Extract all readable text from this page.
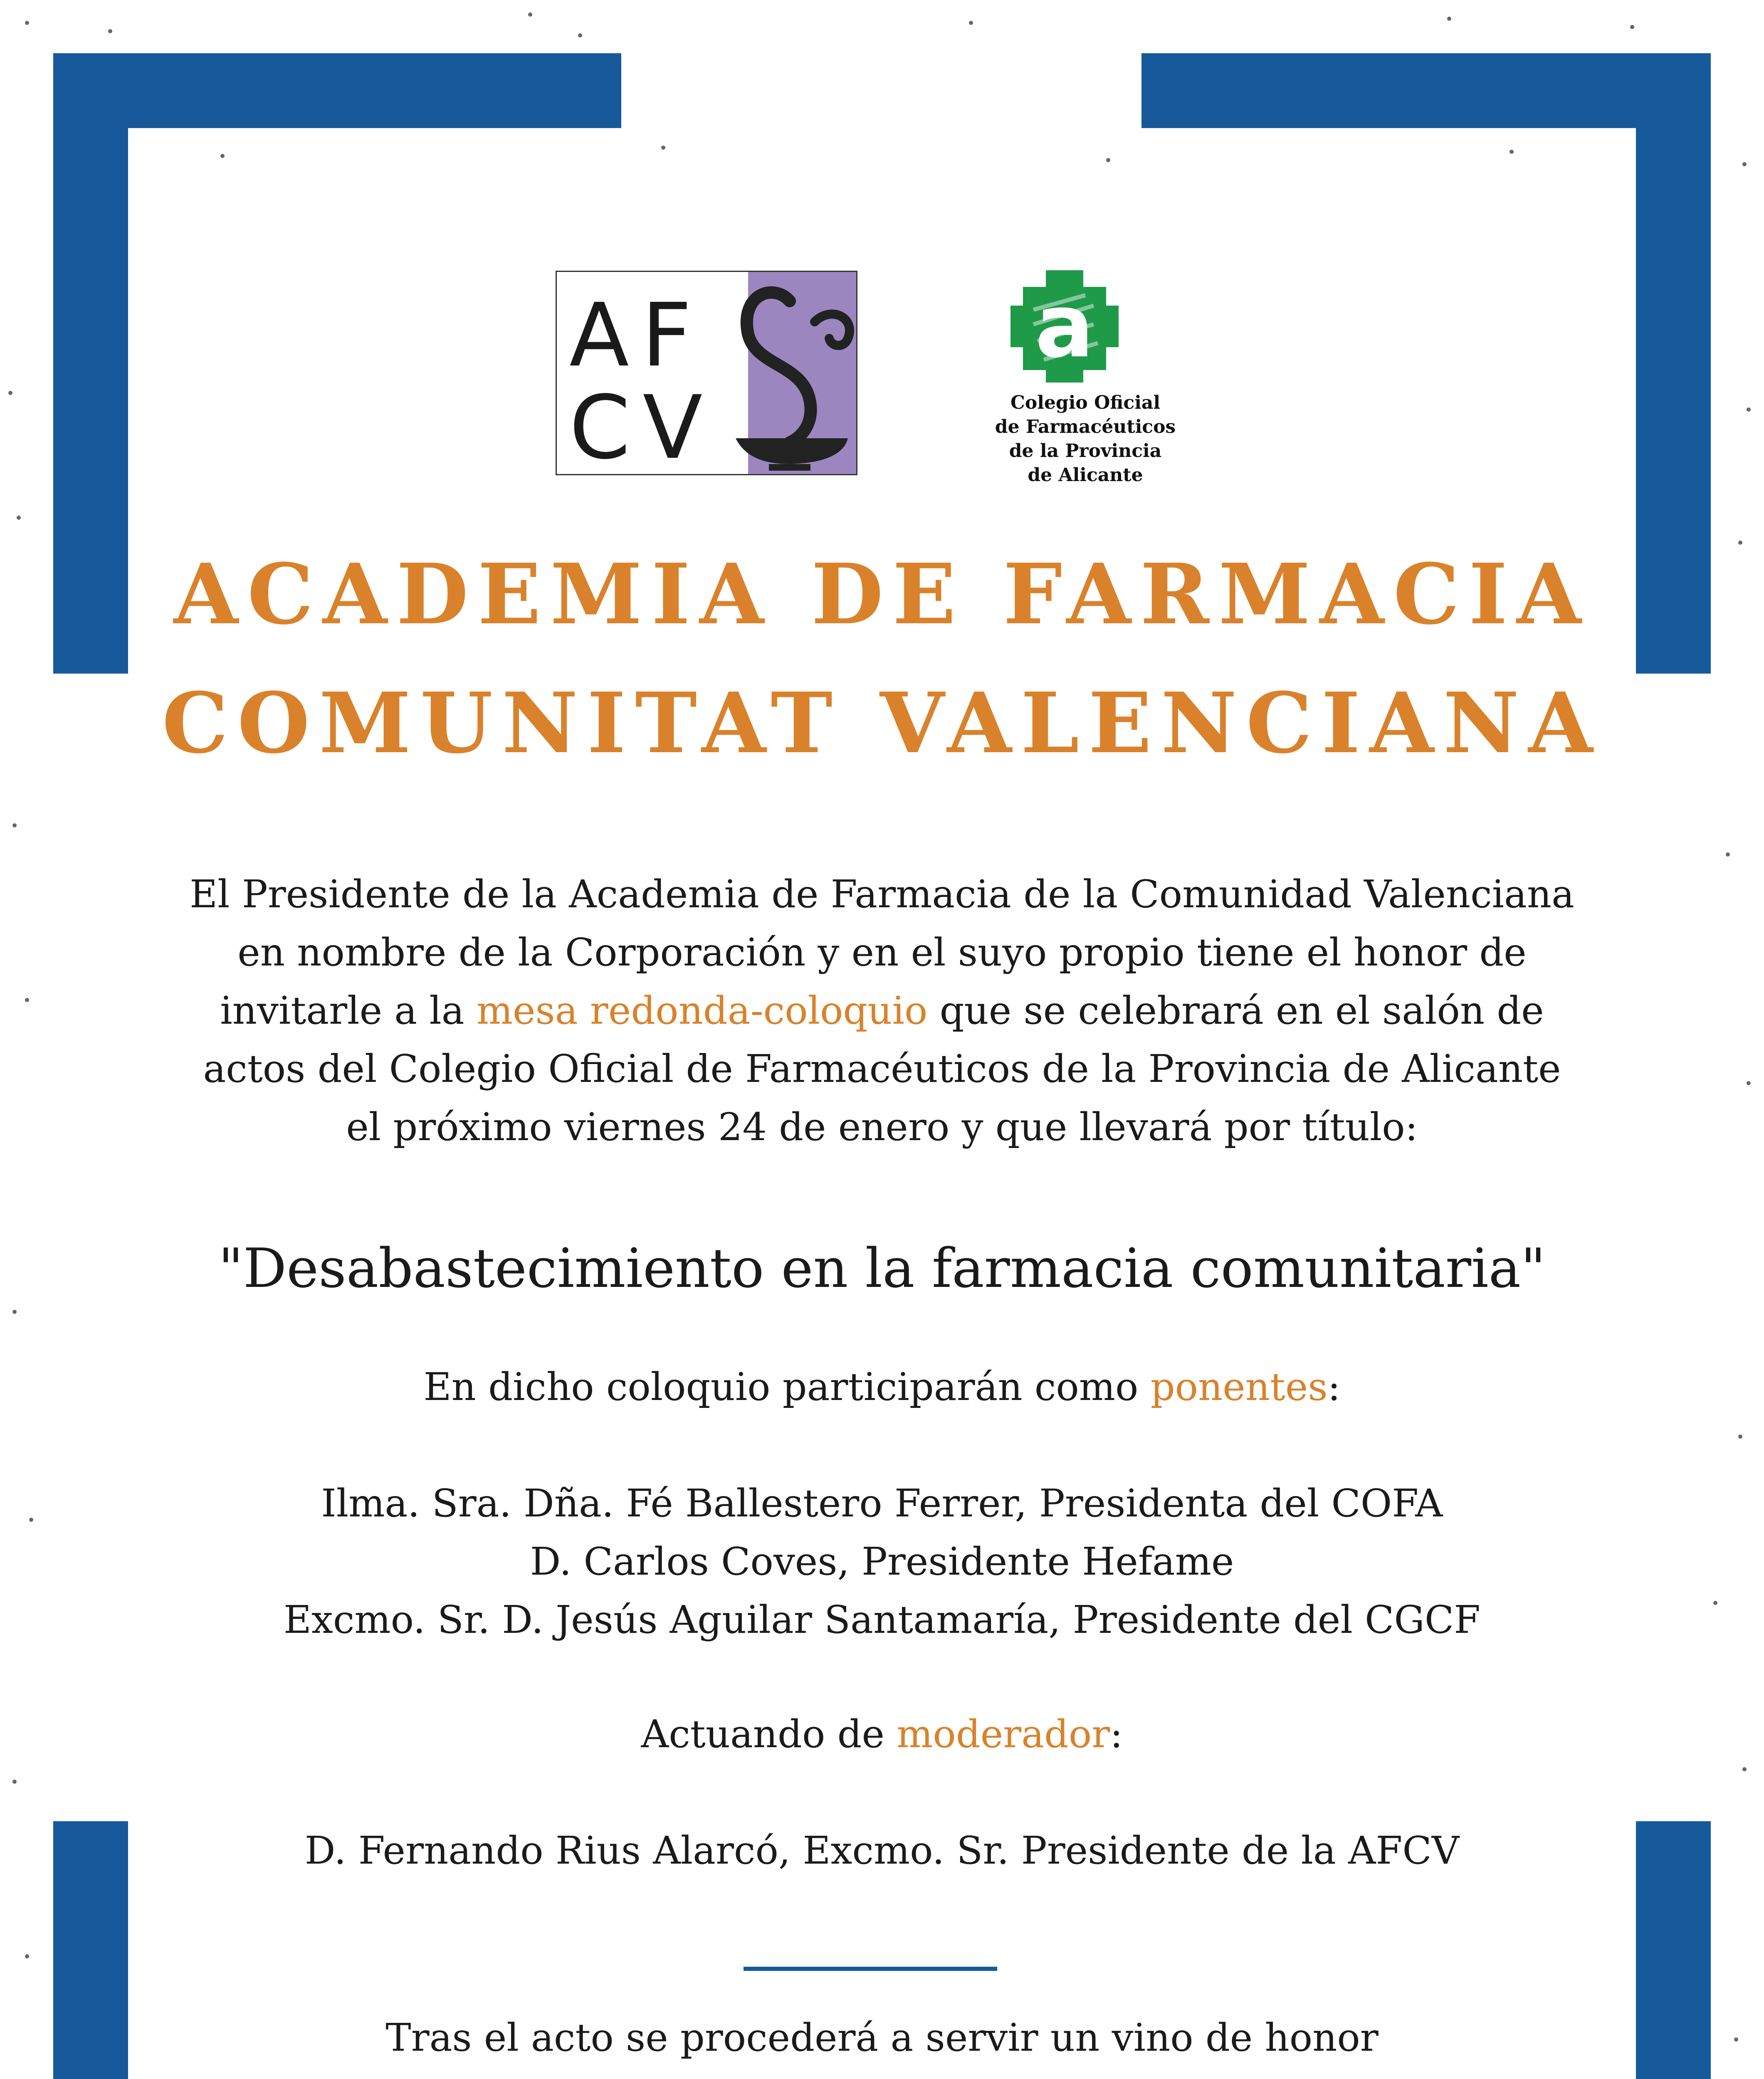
AF
CV
a
Colegio Oficial
de Farmacéuticos
de la Provincia
de Alicante
ACADEMIA DE FARMACIA
COMUNITAT VALENCIANA
El Presidente de la Academia de Farmacia de la Comunidad Valenciana
en nombre de la Corporación y en el suyo propio tiene el honor de
invitarle a la mesa redonda-coloquio que se celebrará en el salón de
actos del Colegio Oficial de Farmacéuticos de la Provincia de Alicante
el próximo viernes 24 de enero y que llevará por título:
"Desabastecimiento en la farmacia comunitaria"
En dicho coloquio participarán como ponentes:
Ilma. Sra. Dña. Fé Ballestero Ferrer, Presidenta del COFA
D. Carlos Coves, Presidente Hefame
Excmo. Sr. D. Jesús Aguilar Santamaría, Presidente del CGCF
Actuando de moderador:
D. Fernando Rius Alarcó, Excmo. Sr. Presidente de la AFCV
Tras el acto se procederá a servir un vino de honor
